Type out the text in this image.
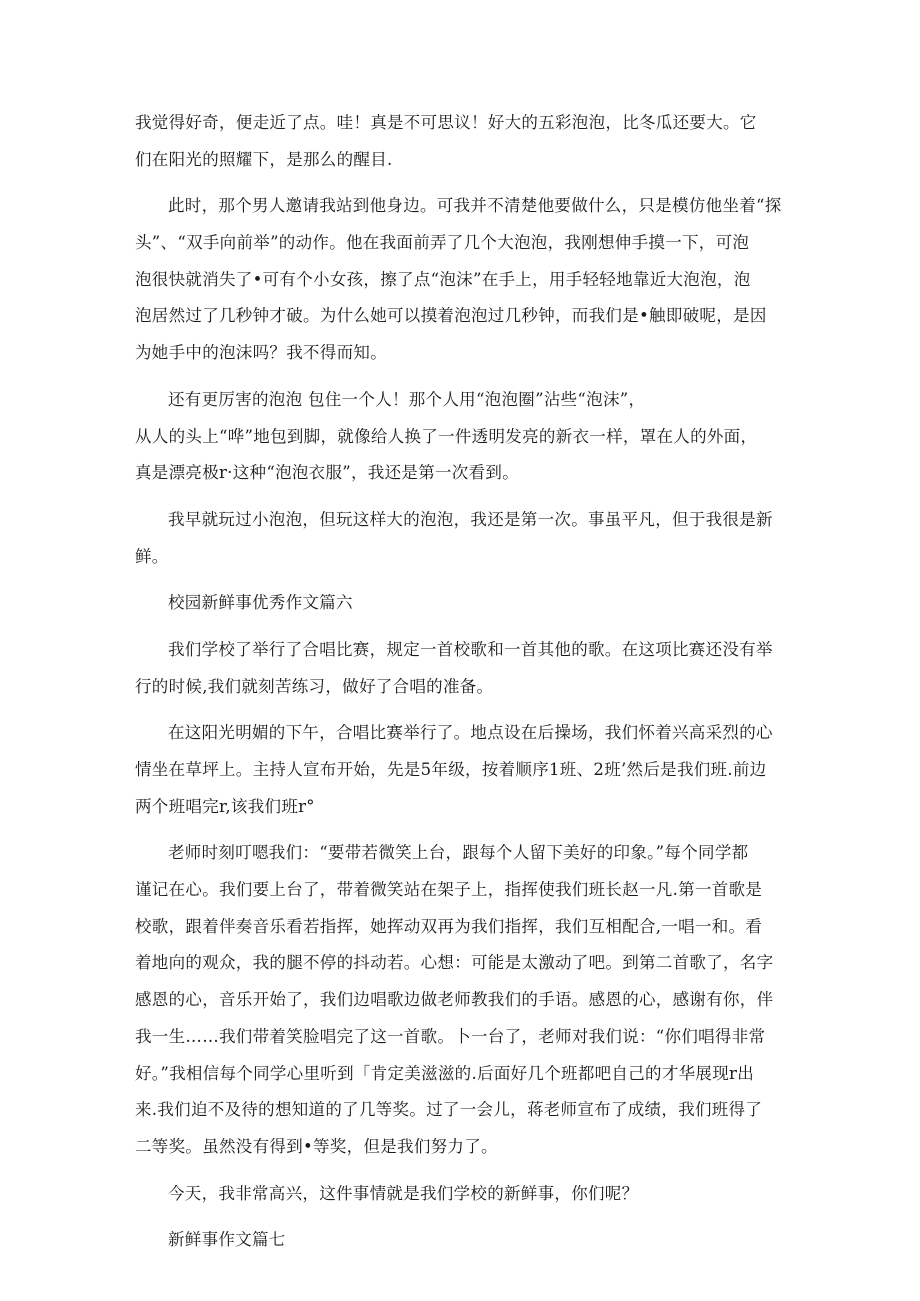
我觉得好奇，便走近了点。哇！真是不可思议！好大的五彩泡泡，比冬瓜还要大。它
们在阳光的照耀下，是那么的醒目.
此时，那个男人邀请我站到他身边。可我并不清楚他要做什么，只是模仿他坐着“探
头”、“双手向前举”的动作。他在我面前弄了几个大泡泡，我刚想伸手摸一下，可泡
泡很快就消失了•可有个小女孩，擦了点“泡沫”在手上，用手轻轻地靠近大泡泡，泡
泡居然过了几秒钟才破。为什么她可以摸着泡泡过几秒钟，而我们是•触即破呢，是因
为她手中的泡沫吗？我不得而知。
还有更厉害的泡泡 包住一个人！那个人用“泡泡圈”沾些“泡沫”，
从人的头上“哗”地包到脚，就像给人换了一件透明发亮的新衣一样，罩在人的外面，
真是漂亮极r·这种“泡泡衣服”，我还是第一次看到。
我早就玩过小泡泡，但玩这样大的泡泡，我还是第一次。事虽平凡，但于我很是新
鲜。
校园新鲜事优秀作文篇六
我们学校了举行了合唱比赛，规定一首校歌和一首其他的歌。在这项比赛还没有举
行的时候,我们就刻苦练习，做好了合唱的准备。
在这阳光明媚的下午，合唱比赛举行了。地点设在后操场，我们怀着兴高采烈的心
情坐在草坪上。主持人宣布开始，先是5年级，按着顺序1班、2班’然后是我们班.前边
两个班唱完r,该我们班r°
老师时刻叮嗯我们：“要带若微笑上台，跟每个人留下美好的印象。”每个同学都
谨记在心。我们要上台了，带着微笑站在架子上，指挥使我们班长赵一凡.第一首歌是
校歌，跟着伴奏音乐看若指挥，她挥动双再为我们指挥，我们互相配合,一唱一和。看
着地向的观众，我的腿不停的抖动若。心想：可能是太激动了吧。到第二首歌了，名字
感恩的心，音乐开始了，我们边唱歌边做老师教我们的手语。感恩的心，感谢有你，伴
我一生……我们带着笑脸唱完了这一首歌。卜一台了，老师对我们说：“你们唱得非常
好。”我相信每个同学心里听到「肯定美滋滋的.后面好几个班都吧自己的才华展现r出
来.我们迫不及待的想知道的了几等奖。过了一会儿，蒋老师宣布了成绩，我们班得了
二等奖。虽然没有得到•等奖，但是我们努力了。
今天，我非常高兴，这件事情就是我们学校的新鲜事，你们呢？
新鲜事作文篇七
